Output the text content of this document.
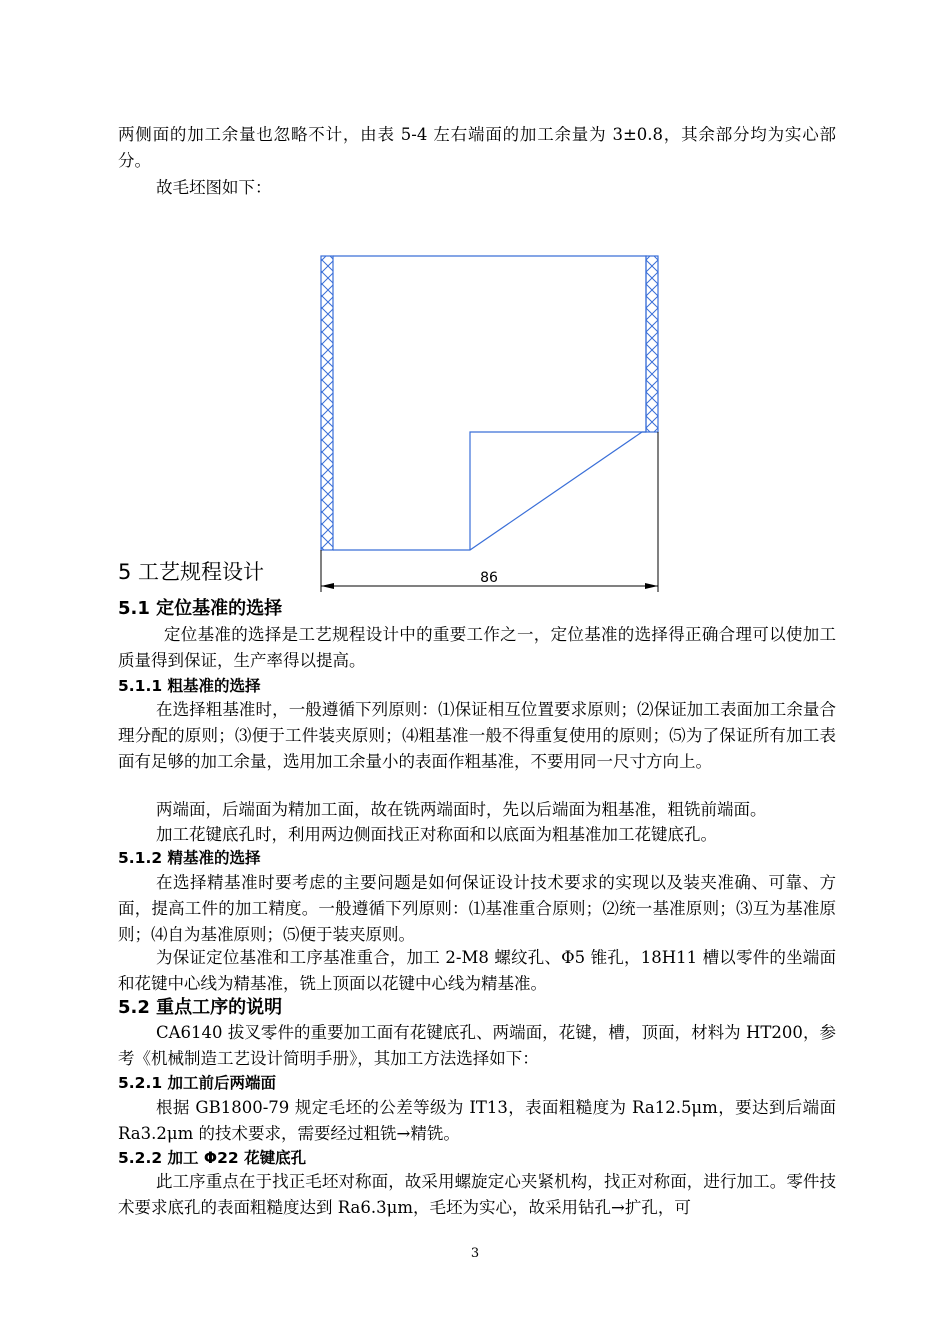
两侧面的加工余量也忽略不计，由表 5-4 左右端面的加工余量为 3±0.8，其余部分均为实心部分。

故毛坯图如下：

86
5 工艺规程设计
5.1 定位基准的选择

定位基准的选择是工艺规程设计中的重要工作之一，定位基准的选择得正确合理可以使加工质量得到保证，生产率得以提高。

5.1.1 粗基准的选择

在选择粗基准时，一般遵循下列原则：⑴保证相互位置要求原则；⑵保证加工表面加工余量合理分配的原则；⑶便于工件装夹原则；⑷粗基准一般不得重复使用的原则；⑸为了保证所有加工表面有足够的加工余量，选用加工余量小的表面作粗基准，不要用同一尺寸方向上。

两端面，后端面为精加工面，故在铣两端面时，先以后端面为粗基准，粗铣前端面。

加工花键底孔时，利用两边侧面找正对称面和以底面为粗基准加工花键底孔。

5.1.2 精基准的选择

在选择精基准时要考虑的主要问题是如何保证设计技术要求的实现以及装夹准确、可靠、方面，提高工件的加工精度。一般遵循下列原则：⑴基准重合原则；⑵统一基准原则；⑶互为基准原则；⑷自为基准原则；⑸便于装夹原则。

为保证定位基准和工序基准重合，加工 2-M8 螺纹孔、Φ5 锥孔，18H11 槽以零件的坐端面和花键中心线为精基准，铣上顶面以花键中心线为精基准。

5.2 重点工序的说明

CA6140 拔叉零件的重要加工面有花键底孔、两端面，花键，槽，顶面，材料为 HT200，参考《机械制造工艺设计简明手册》，其加工方法选择如下：

5.2.1 加工前后两端面

根据 GB1800-79 规定毛坯的公差等级为 IT13，表面粗糙度为 Ra12.5μm，要达到后端面 Ra3.2μm 的技术要求，需要经过粗铣→精铣。

5.2.2 加工 Φ22 花键底孔

此工序重点在于找正毛坯对称面，故采用螺旋定心夹紧机构，找正对称面，进行加工。零件技术要求底孔的表面粗糙度达到 Ra6.3μm，毛坯为实心，故采用钻孔→扩孔，可

3
